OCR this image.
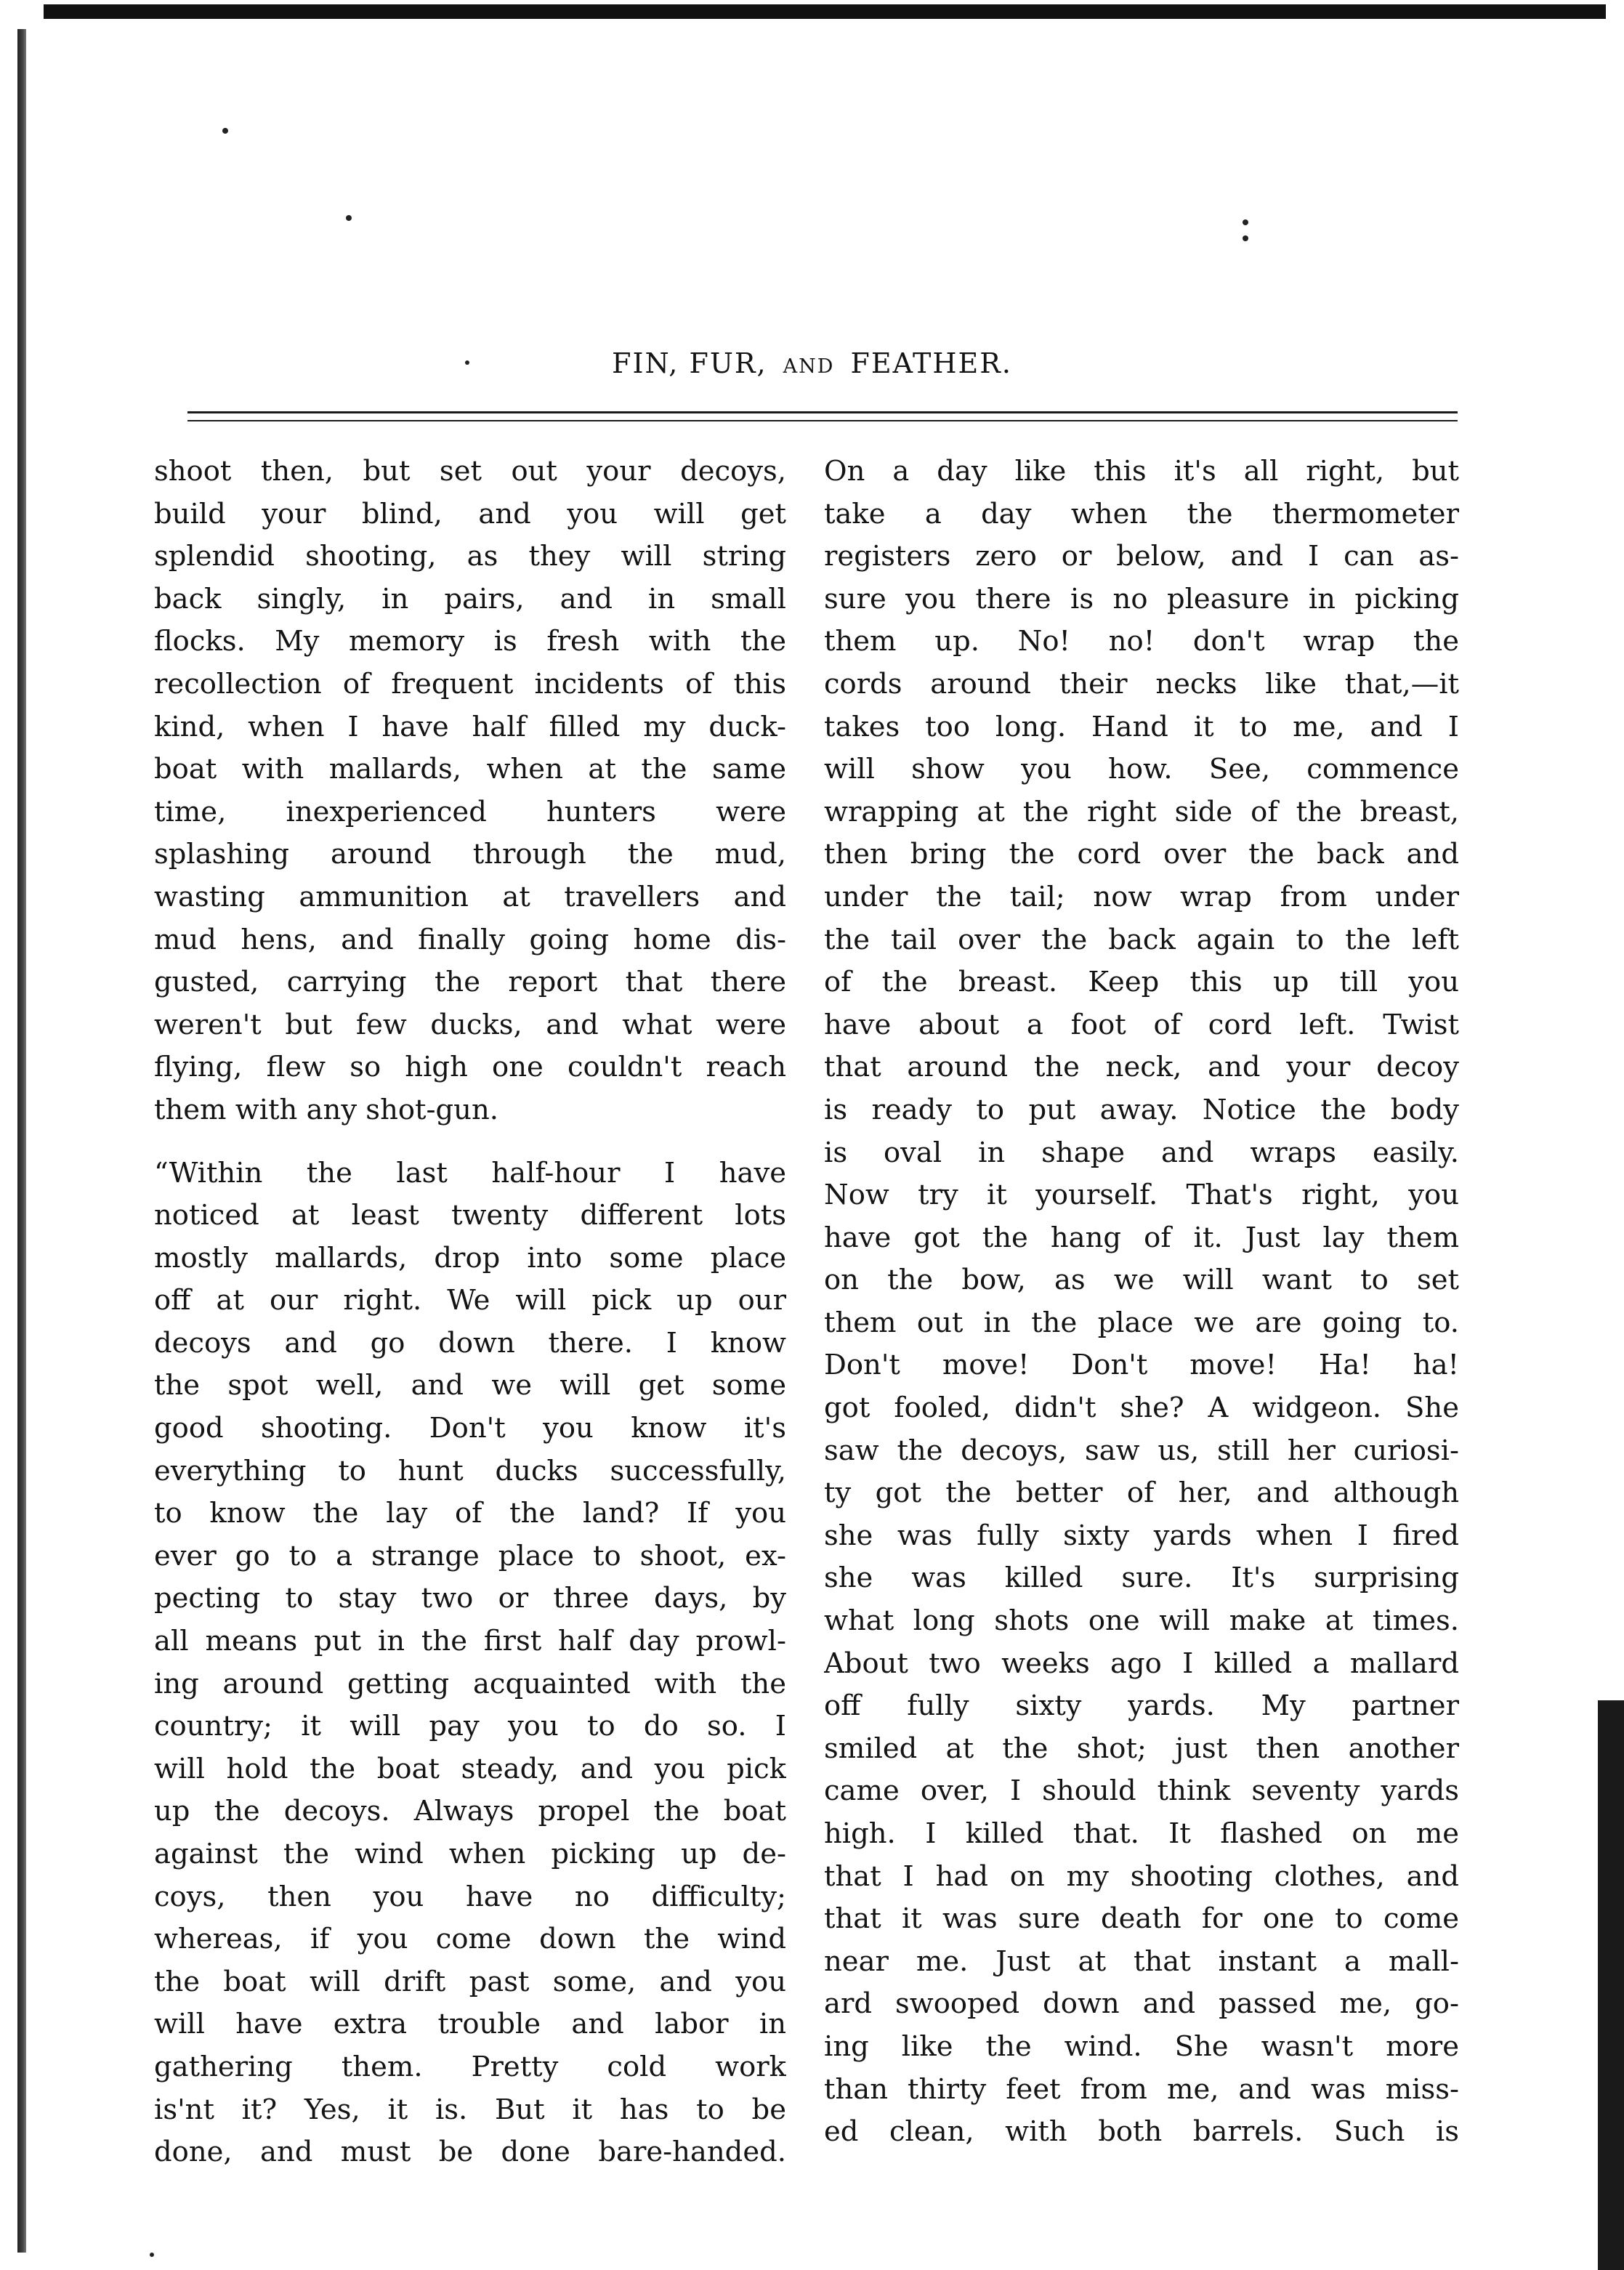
FIN, FUR, AND FEATHER.
shoot then, but set out your decoys,
build your blind, and you will get
splendid shooting, as they will string
back singly, in pairs, and in small
flocks. My memory is fresh with the
recollection of frequent incidents of this
kind, when I have half filled my duck-
boat with mallards, when at the same
time, inexperienced hunters were
splashing around through the mud,
wasting ammunition at travellers and
mud hens, and finally going home dis-
gusted, carrying the report that there
weren't but few ducks, and what were
flying, flew so high one couldn't reach
them with any shot-gun.
“Within the last half-hour I have
noticed at least twenty different lots
mostly mallards, drop into some place
off at our right. We will pick up our
decoys and go down there. I know
the spot well, and we will get some
good shooting. Don't you know it's
everything to hunt ducks successfully,
to know the lay of the land? If you
ever go to a strange place to shoot, ex-
pecting to stay two or three days, by
all means put in the first half day prowl-
ing around getting acquainted with the
country; it will pay you to do so. I
will hold the boat steady, and you pick
up the decoys. Always propel the boat
against the wind when picking up de-
coys, then you have no difficulty;
whereas, if you come down the wind
the boat will drift past some, and you
will have extra trouble and labor in
gathering them. Pretty cold work
is'nt it? Yes, it is. But it has to be
done, and must be done bare-handed.
On a day like this it's all right, but
take a day when the thermometer
registers zero or below, and I can as-
sure you there is no pleasure in picking
them up. No! no! don't wrap the
cords around their necks like that,—it
takes too long. Hand it to me, and I
will show you how. See, commence
wrapping at the right side of the breast,
then bring the cord over the back and
under the tail; now wrap from under
the tail over the back again to the left
of the breast. Keep this up till you
have about a foot of cord left. Twist
that around the neck, and your decoy
is ready to put away. Notice the body
is oval in shape and wraps easily.
Now try it yourself. That's right, you
have got the hang of it. Just lay them
on the bow, as we will want to set
them out in the place we are going to.
Don't move! Don't move! Ha! ha!
got fooled, didn't she? A widgeon. She
saw the decoys, saw us, still her curiosi-
ty got the better of her, and although
she was fully sixty yards when I fired
she was killed sure. It's surprising
what long shots one will make at times.
About two weeks ago I killed a mallard
off fully sixty yards. My partner
smiled at the shot; just then another
came over, I should think seventy yards
high. I killed that. It flashed on me
that I had on my shooting clothes, and
that it was sure death for one to come
near me. Just at that instant a mall-
ard swooped down and passed me, go-
ing like the wind. She wasn't more
than thirty feet from me, and was miss-
ed clean, with both barrels. Such is
